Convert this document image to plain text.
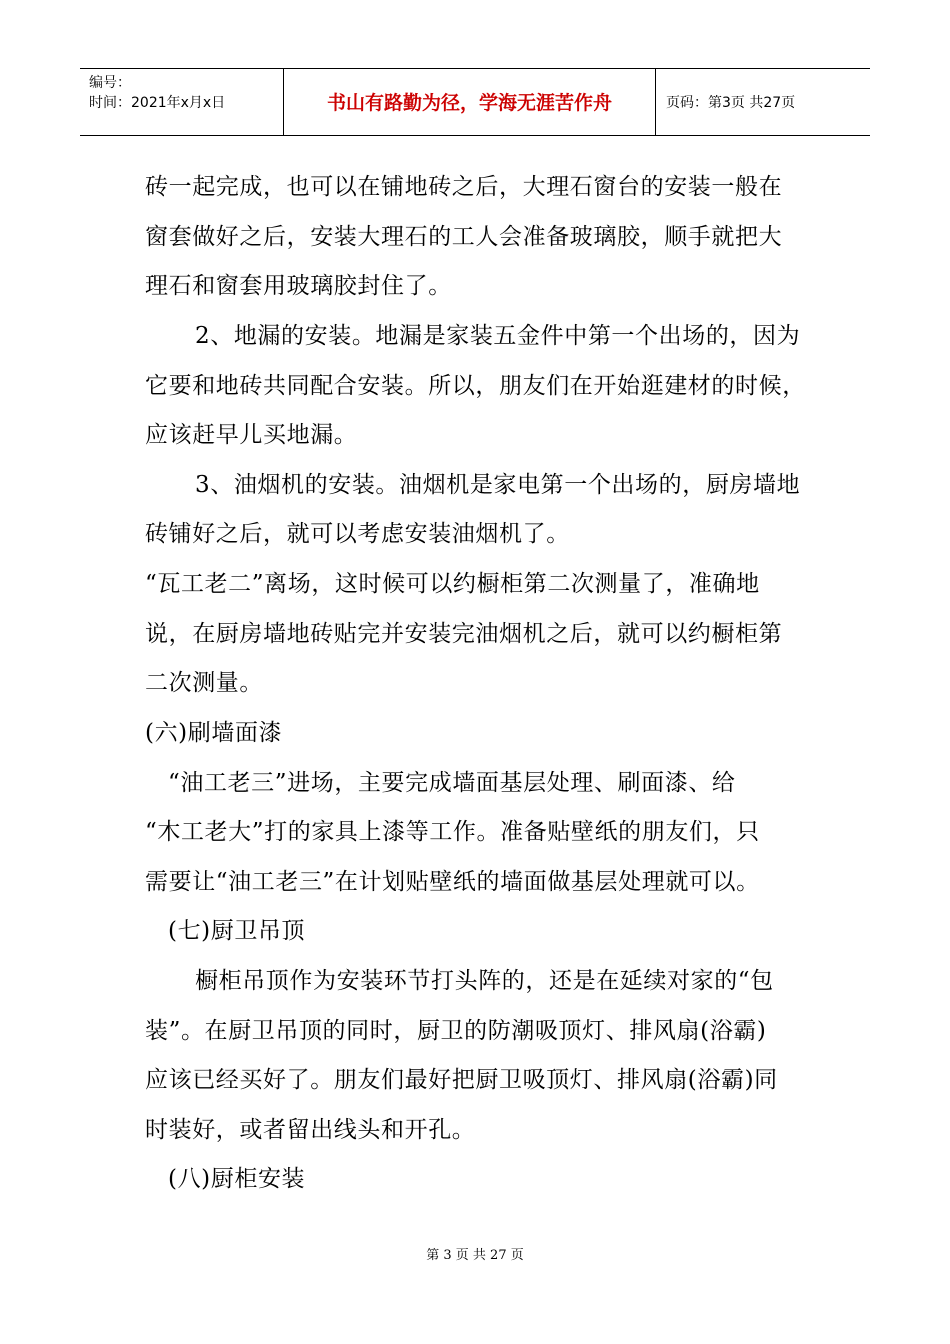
编号：
时间：2021年x月x日	书山有路勤为径，学海无涯苦作舟	页码：第3页 共27页
砖一起完成，也可以在铺地砖之后，大理石窗台的安装一般在
窗套做好之后，安装大理石的工人会准备玻璃胶，顺手就把大
理石和窗套用玻璃胶封住了。
2、地漏的安装。地漏是家装五金件中第一个出场的，因为
它要和地砖共同配合安装。所以，朋友们在开始逛建材的时候，
应该赶早儿买地漏。
3、油烟机的安装。油烟机是家电第一个出场的，厨房墙地
砖铺好之后，就可以考虑安装油烟机了。
“瓦工老二”离场，这时候可以约橱柜第二次测量了，准确地
说，在厨房墙地砖贴完并安装完油烟机之后，就可以约橱柜第
二次测量。
(六)刷墙面漆
“油工老三”进场，主要完成墙面基层处理、刷面漆、给
“木工老大”打的家具上漆等工作。准备贴壁纸的朋友们，只
需要让“油工老三”在计划贴壁纸的墙面做基层处理就可以。
(七)厨卫吊顶
橱柜吊顶作为安装环节打头阵的，还是在延续对家的“包
装”。在厨卫吊顶的同时，厨卫的防潮吸顶灯、排风扇(浴霸)
应该已经买好了。朋友们最好把厨卫吸顶灯、排风扇(浴霸)同
时装好，或者留出线头和开孔。
(八)厨柜安装
第 3 页 共 27 页
